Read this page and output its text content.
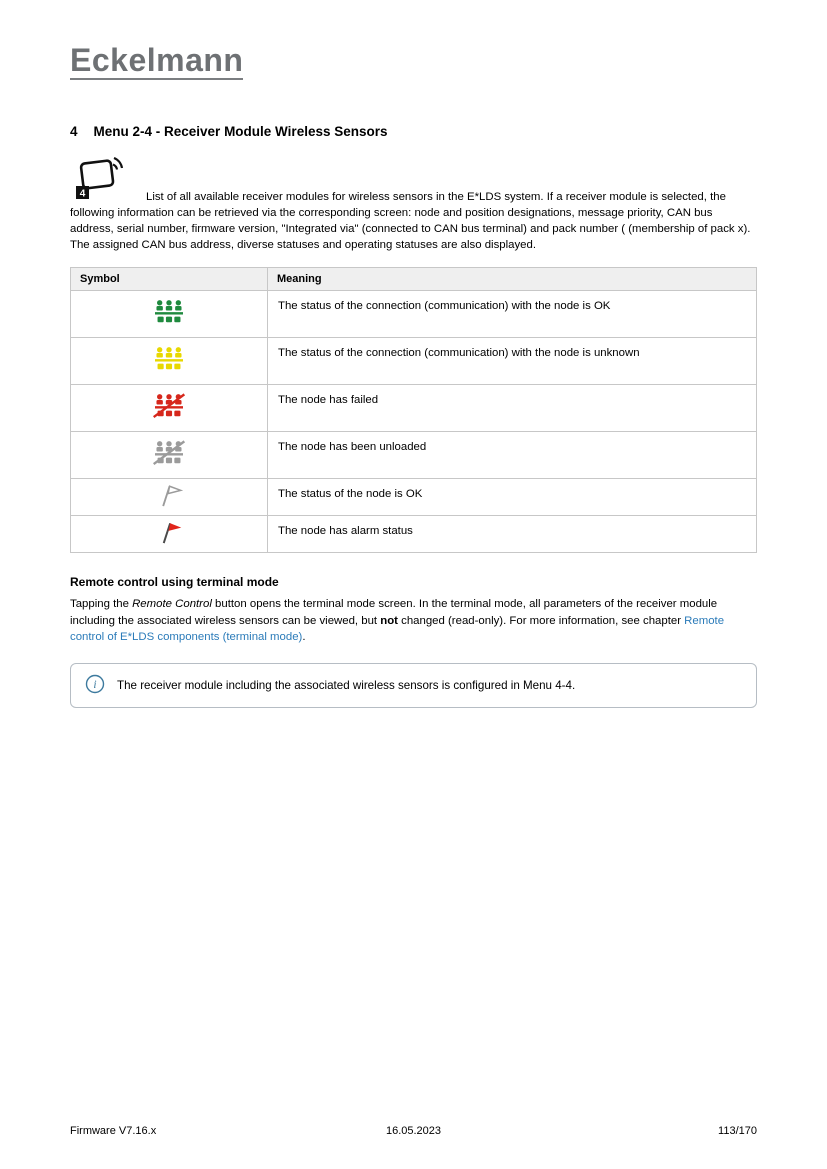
Eckelmann
4 Menu 2-4 - Receiver Module Wireless Sensors
4	List of all available receiver modules for wireless sensors in the E*LDS system. If a receiver module is selected, the following information can be retrieved via the corresponding screen: node and position designations, message priority, CAN bus address, serial number, firmware version, "Integrated via" (connected to CAN bus terminal) and pack number ( (membership of pack x). The assigned CAN bus address, diverse statuses and operating statuses are also displayed.

Symbol	Meaning
	The status of the connection (communication) with the node is OK
	The status of the connection (communication) with the node is unknown
	The node has failed
	The node has been unloaded
	The status of the node is OK
	The node has alarm status
Remote control using terminal mode

Tapping the Remote Control button opens the terminal mode screen. In the terminal mode, all parameters of the receiver module including the associated wireless sensors can be viewed, but not changed (read-only). For more information, see chapter Remote control of E*LDS components (terminal mode).

i The receiver module including the associated wireless sensors is configured in Menu 4-4.
Firmware V7.16.x	16.05.2023	113/170
